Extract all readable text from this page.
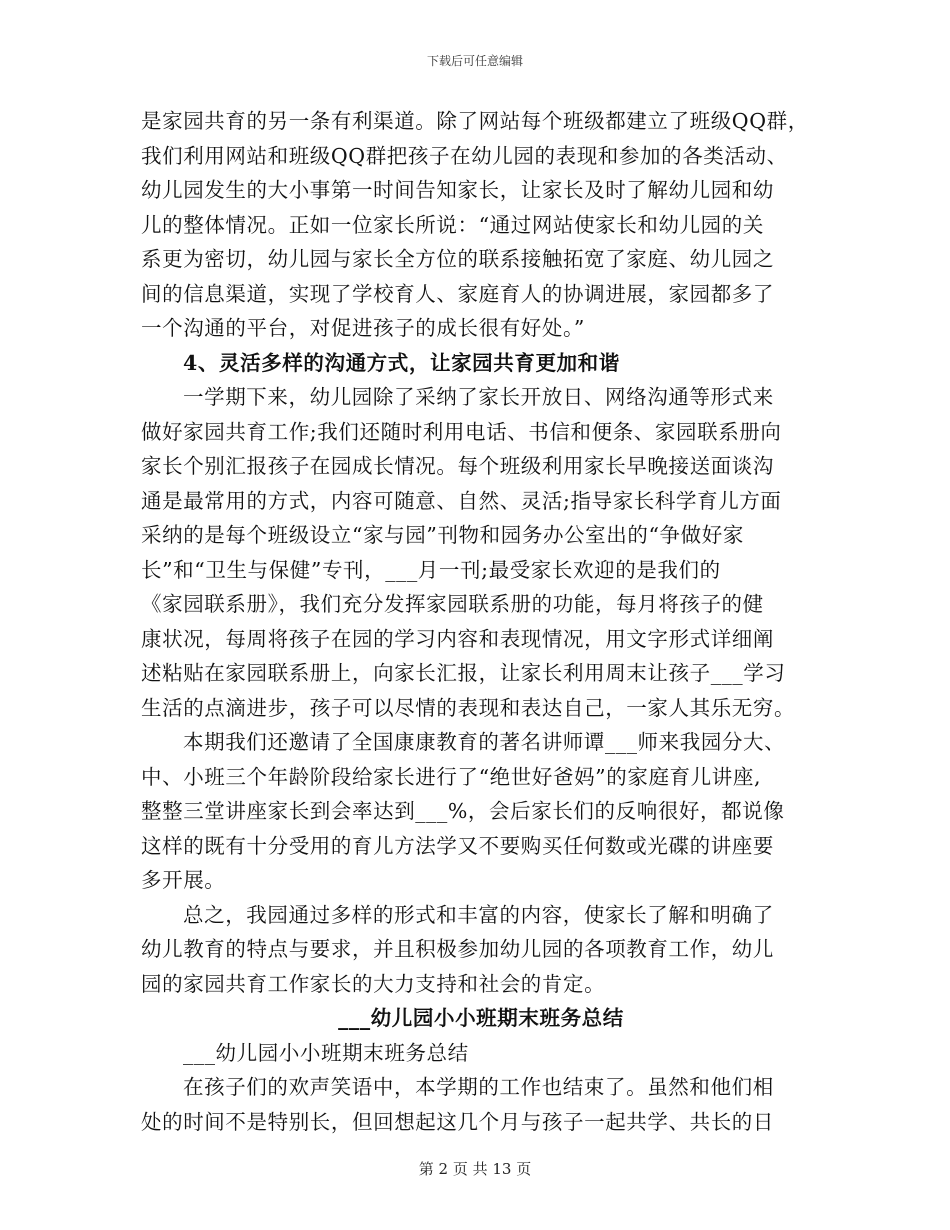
下载后可任意编辑
是家园共育的另一条有利渠道。除了网站每个班级都建立了班级QQ群，
我们利用网站和班级QQ群把孩子在幼儿园的表现和参加的各类活动、
幼儿园发生的大小事第一时间告知家长，让家长及时了解幼儿园和幼
儿的整体情况。正如一位家长所说：“通过网站使家长和幼儿园的关
系更为密切，幼儿园与家长全方位的联系接触拓宽了家庭、幼儿园之
间的信息渠道，实现了学校育人、家庭育人的协调进展，家园都多了
一个沟通的平台，对促进孩子的成长很有好处。”
4、灵活多样的沟通方式，让家园共育更加和谐
一学期下来，幼儿园除了采纳了家长开放日、网络沟通等形式来
做好家园共育工作;我们还随时利用电话、书信和便条、家园联系册向
家长个别汇报孩子在园成长情况。每个班级利用家长早晚接送面谈沟
通是最常用的方式，内容可随意、自然、灵活;指导家长科学育儿方面
采纳的是每个班级设立“家与园”刊物和园务办公室出的“争做好家
长”和“卫生与保健”专刊，___月一刊;最受家长欢迎的是我们的
《家园联系册》，我们充分发挥家园联系册的功能，每月将孩子的健
康状况，每周将孩子在园的学习内容和表现情况，用文字形式详细阐
述粘贴在家园联系册上，向家长汇报，让家长利用周末让孩子___学习
生活的点滴进步，孩子可以尽情的表现和表达自己，一家人其乐无穷。
本期我们还邀请了全国康康教育的著名讲师谭___师来我园分大、
中、小班三个年龄阶段给家长进行了“绝世好爸妈”的家庭育儿讲座,
整整三堂讲座家长到会率达到___%，会后家长们的反响很好，都说像
这样的既有十分受用的育儿方法学又不要购买任何数或光碟的讲座要
多开展。
总之，我园通过多样的形式和丰富的内容，使家长了解和明确了
幼儿教育的特点与要求，并且积极参加幼儿园的各项教育工作，幼儿
园的家园共育工作家长的大力支持和社会的肯定。
___幼儿园小小班期末班务总结
___幼儿园小小班期末班务总结
在孩子们的欢声笑语中，本学期的工作也结束了。虽然和他们相
处的时间不是特别长，但回想起这几个月与孩子一起共学、共长的日
第 2 页 共 13 页
